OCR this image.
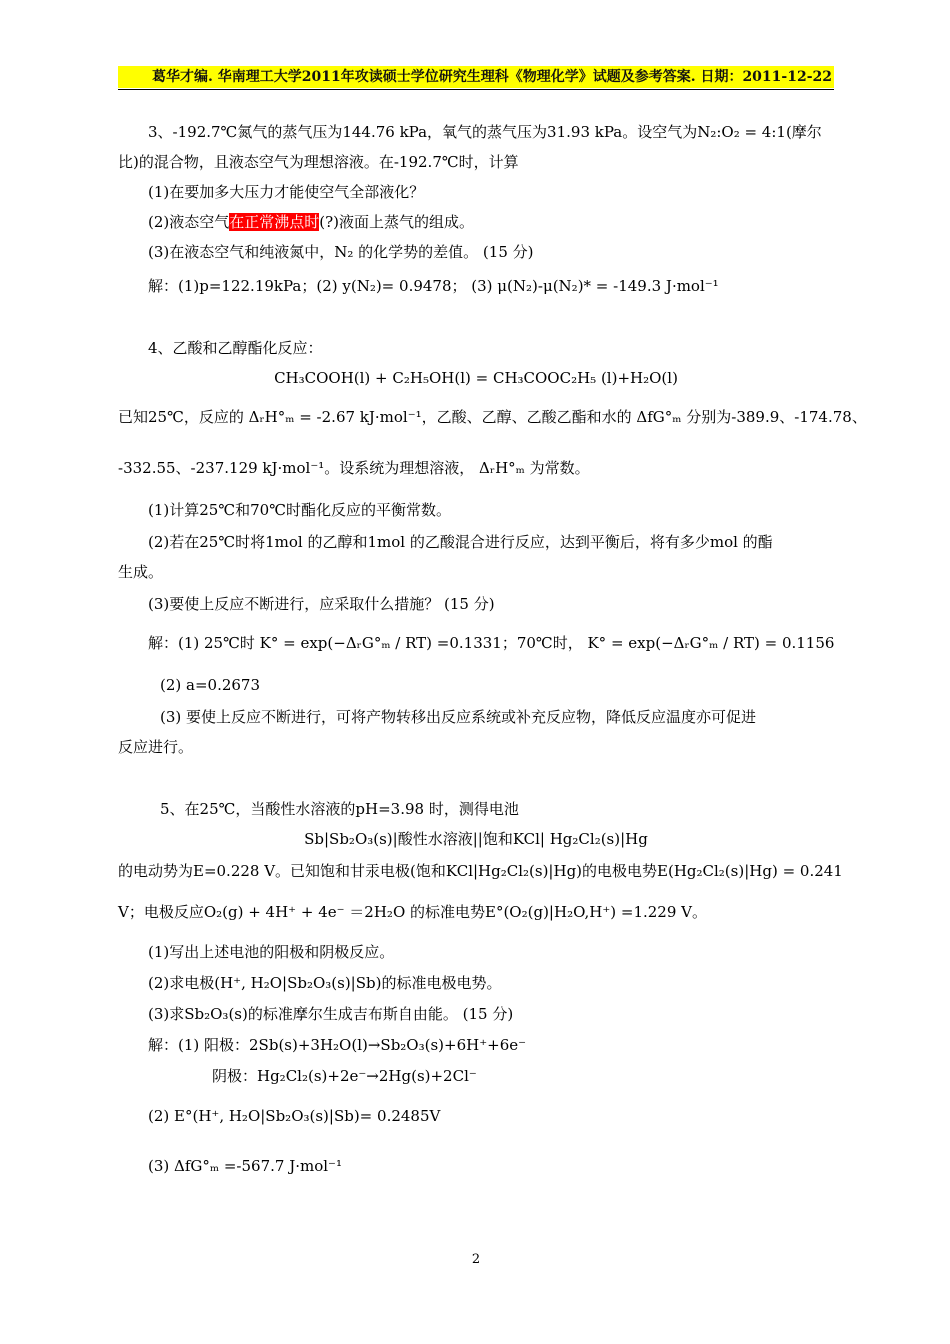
葛华才编. 华南理工大学2011年攻读硕士学位研究生理科《物理化学》试题及参考答案. 日期：2011-12-22
3、-192.7℃氮气的蒸气压为144.76 kPa，氧气的蒸气压为31.93 kPa。设空气为N₂:O₂ = 4:1(摩尔
比)的混合物，且液态空气为理想溶液。在-192.7℃时，计算
(1)在要加多大压力才能使空气全部液化？
(2)液态空气在正常沸点时(?)液面上蒸气的组成。
(3)在液态空气和纯液氮中，N₂ 的化学势的差值。 (15 分)
解：(1)p=122.19kPa；(2) y(N₂)= 0.9478； (3) μ(N₂)-μ(N₂)* = -149.3 J·mol⁻¹
4、乙酸和乙醇酯化反应：
CH₃COOH(l) + C₂H₅OH(l) = CH₃COOC₂H₅ (l)+H₂O(l)
已知25℃，反应的 ΔᵣH°ₘ = -2.67 kJ·mol⁻¹，乙酸、乙醇、乙酸乙酯和水的 ΔfG°ₘ 分别为-389.9、-174.78、
-332.55、-237.129 kJ·mol⁻¹。设系统为理想溶液， ΔᵣH°ₘ 为常数。
(1)计算25℃和70℃时酯化反应的平衡常数。
(2)若在25℃时将1mol 的乙醇和1mol 的乙酸混合进行反应，达到平衡后，将有多少mol 的酯
生成。
(3)要使上反应不断进行，应采取什么措施？ (15 分)
解：(1) 25℃时 K° = exp(−ΔᵣG°ₘ / RT) =0.1331；70℃时， K° = exp(−ΔᵣG°ₘ / RT) = 0.1156
(2) a=0.2673
(3) 要使上反应不断进行，可将产物转移出反应系统或补充反应物，降低反应温度亦可促进
反应进行。
5、在25℃，当酸性水溶液的pH=3.98 时，测得电池
Sb|Sb₂O₃(s)|酸性水溶液||饱和KCl| Hg₂Cl₂(s)|Hg
的电动势为E=0.228 V。已知饱和甘汞电极(饱和KCl|Hg₂Cl₂(s)|Hg)的电极电势E(Hg₂Cl₂(s)|Hg) = 0.241
V；电极反应O₂(g) + 4H⁺ + 4e⁻ ＝2H₂O 的标准电势E°(O₂(g)|H₂O,H⁺) =1.229 V。
(1)写出上述电池的阳极和阴极反应。
(2)求电极(H⁺, H₂O|Sb₂O₃(s)|Sb)的标准电极电势。
(3)求Sb₂O₃(s)的标准摩尔生成吉布斯自由能。 (15 分)
解：(1) 阳极：2Sb(s)+3H₂O(l)→Sb₂O₃(s)+6H⁺+6e⁻
阴极：Hg₂Cl₂(s)+2e⁻→2Hg(s)+2Cl⁻
(2) E°(H⁺, H₂O|Sb₂O₃(s)|Sb)= 0.2485V
(3) ΔfG°ₘ =-567.7 J·mol⁻¹
2
